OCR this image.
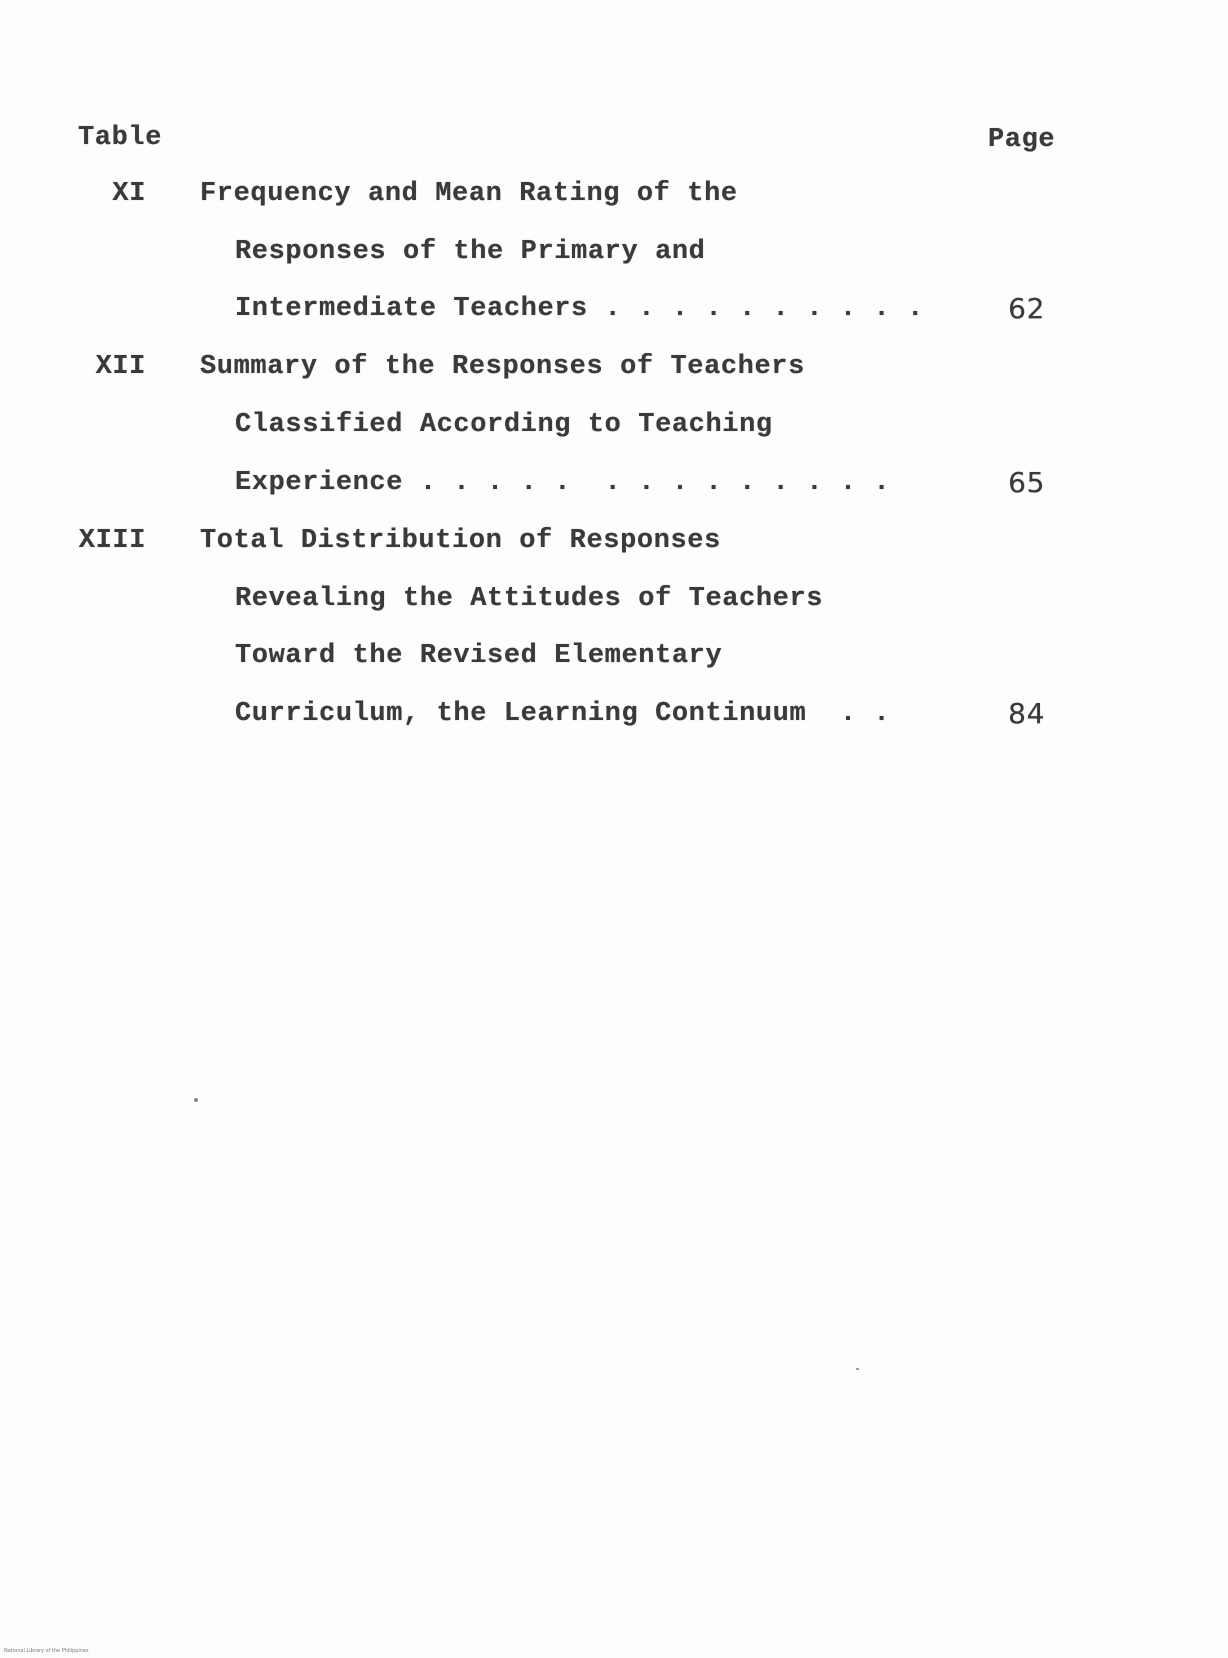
Table	Page
XI Frequency and Mean Rating of the
Responses of the Primary and
Intermediate Teachers . . . . . . . . . .	62
XII Summary of the Responses of Teachers
Classified According to Teaching
Experience . . . . .  . . . . . . . . .	65
XIII Total Distribution of Responses
Revealing the Attitudes of Teachers
Toward the Revised Elementary
Curriculum, the Learning Continuum  . .	84
National Library of the Philippines
